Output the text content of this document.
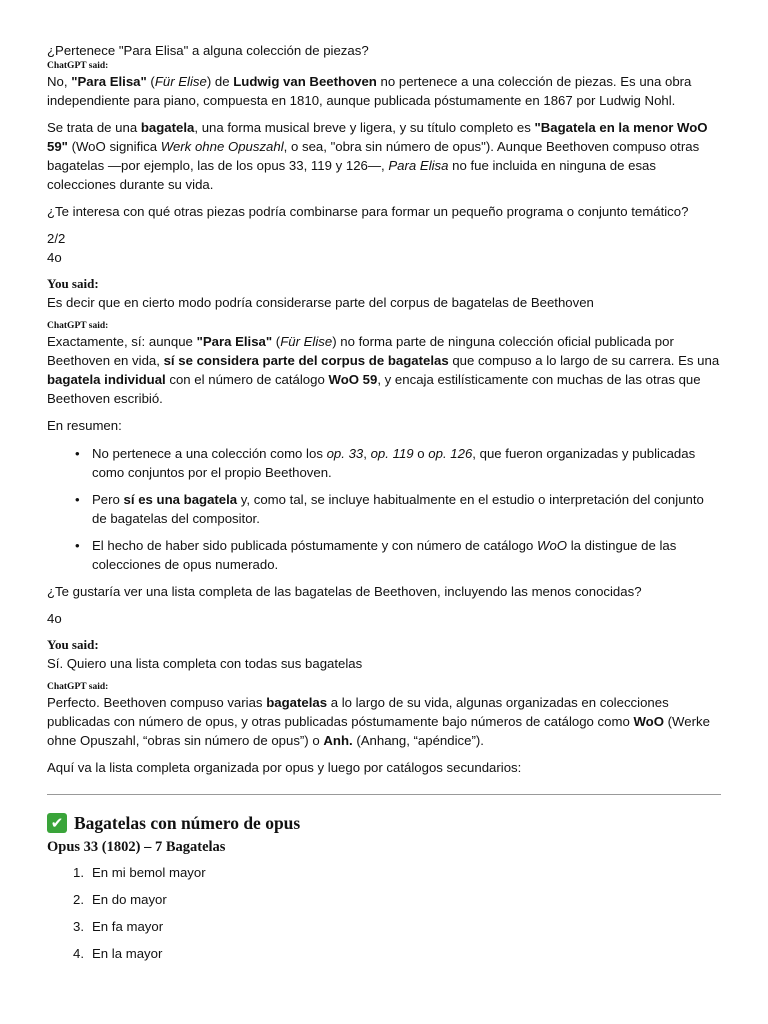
¿Pertenece "Para Elisa" a alguna colección de piezas?

ChatGPT said:

No, "Para Elisa" (Für Elise) de Ludwig van Beethoven no pertenece a una colección de piezas. Es una obra independiente para piano, compuesta en 1810, aunque publicada póstumamente en 1867 por Ludwig Nohl.

Se trata de una bagatela, una forma musical breve y ligera, y su título completo es "Bagatela en la menor WoO 59" (WoO significa Werk ohne Opuszahl, o sea, "obra sin número de opus"). Aunque Beethoven compuso otras bagatelas —por ejemplo, las de los opus 33, 119 y 126—, Para Elisa no fue incluida en ninguna de esas colecciones durante su vida.

¿Te interesa con qué otras piezas podría combinarse para formar un pequeño programa o conjunto temático?

2/2

4o

You said:

Es decir que en cierto modo podría considerarse parte del corpus de bagatelas de Beethoven

ChatGPT said:

Exactamente, sí: aunque "Para Elisa" (Für Elise) no forma parte de ninguna colección oficial publicada por Beethoven en vida, sí se considera parte del corpus de bagatelas que compuso a lo largo de su carrera. Es una bagatela individual con el número de catálogo WoO 59, y encaja estilísticamente con muchas de las otras que Beethoven escribió.

En resumen:

• No pertenece a una colección como los op. 33, op. 119 o op. 126, que fueron organizadas y publicadas como conjuntos por el propio Beethoven.
• Pero sí es una bagatela y, como tal, se incluye habitualmente en el estudio o interpretación del conjunto de bagatelas del compositor.
• El hecho de haber sido publicada póstumamente y con número de catálogo WoO la distingue de las colecciones de opus numerado.

¿Te gustaría ver una lista completa de las bagatelas de Beethoven, incluyendo las menos conocidas?

4o

You said:

Sí. Quiero una lista completa con todas sus bagatelas

ChatGPT said:

Perfecto. Beethoven compuso varias bagatelas a lo largo de su vida, algunas organizadas en colecciones publicadas con número de opus, y otras publicadas póstumamente bajo números de catálogo como WoO (Werke ohne Opuszahl, “obras sin número de opus”) o Anh. (Anhang, “apéndice”).

Aquí va la lista completa organizada por opus y luego por catálogos secundarios:

✔ Bagatelas con número de opus
Opus 33 (1802) – 7 Bagatelas
1. En mi bemol mayor
2. En do mayor
3. En fa mayor
4. En la mayor
